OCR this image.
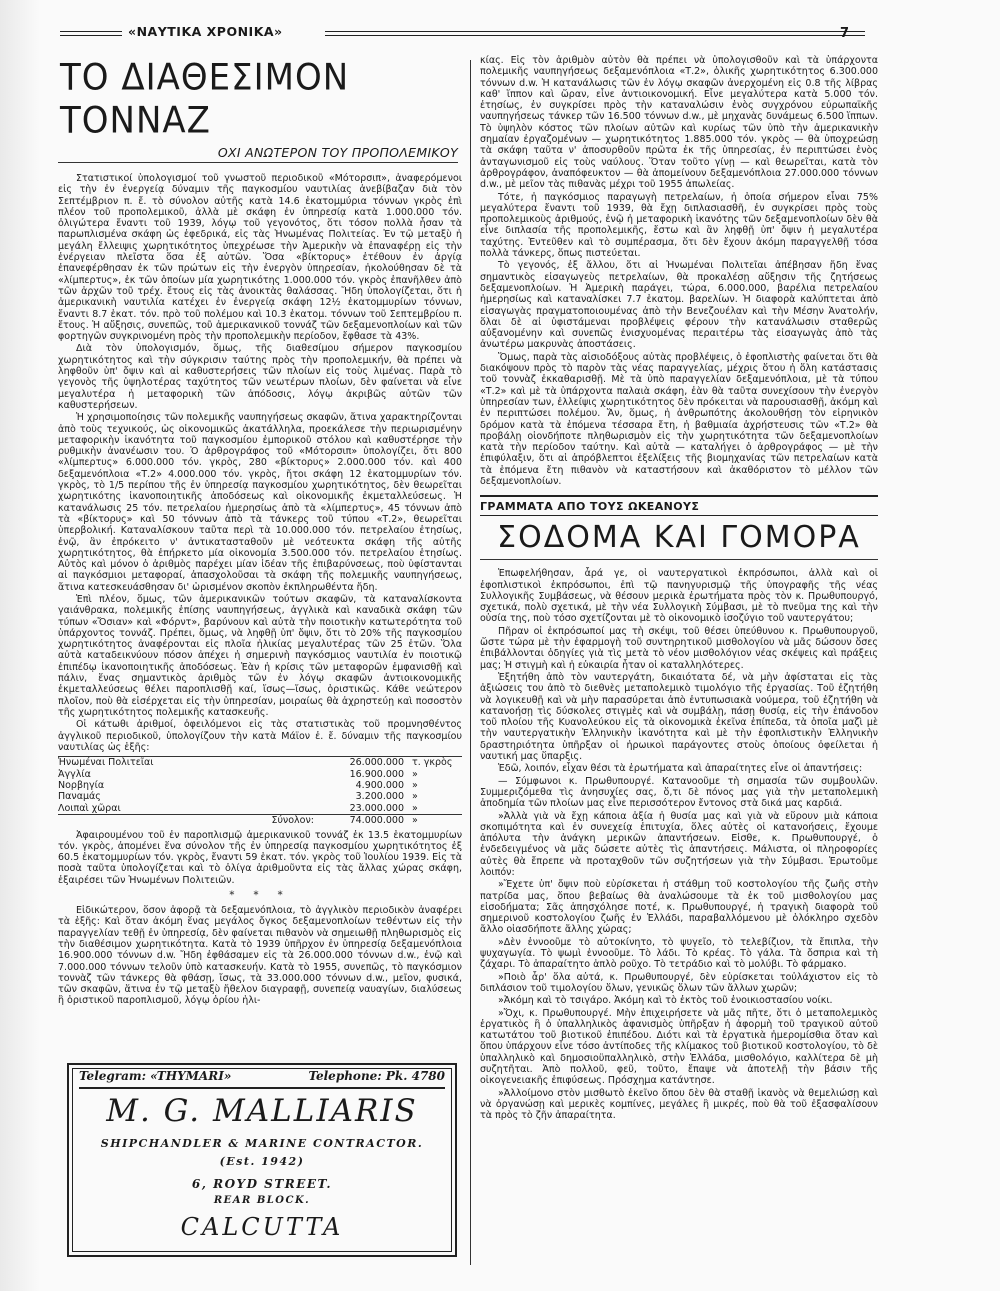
«ΝΑΥΤΙΚΑ ΧΡΟΝΙΚΑ»	7
ΤΟ ΔΙΑΘΕΣΙΜΟΝ ΤΟΝΝΑΖ
ΟΧΙ ΑΝΩΤΕΡΟΝ ΤΟΥ ΠΡΟΠΟΛΕΜΙΚΟΥ

Στατιστικοί ὑπολογισμοί τοῦ γνωστοῦ περιοδικοῦ «Μότορσιπ», ἀναφερόμενοι εἰς τὴν ἐν ἐνεργείᾳ δύναμιν τῆς παγκοσμίου ναυτιλίας ἀνεβίβαζαν διὰ τὸν Σεπτέμβριον π. ἔ. τὸ σύνολον αὐτῆς κατὰ 14.6 ἑκατομμύρια τόννων γκρὸς ἐπὶ πλέον τοῦ προπολεμικοῦ, ἀλλὰ μὲ σκάφη ἐν ὑπηρεσίᾳ κατὰ 1.000.000 τόν. ὀλιγώτερα ἔναντι τοῦ 1939, λόγῳ τοῦ γεγονότος, ὅτι τόσον πολλὰ ἦσαν τὰ παρωπλισμένα σκάφη ὡς ἐφεδρικά, εἰς τὰς Ἡνωμένας Πολιτείας. Ἐν τῷ μεταξὺ ἡ μεγάλη ἔλλειψις χωρητικότητος ὑπεχρέωσε τὴν Ἀμερικὴν νὰ ἐπαναφέρῃ εἰς τὴν ἐνέργειαν πλεῖστα ὅσα ἐξ αὐτῶν. Ὅσα «βίκτορυς» ἐτέθουν ἐν ἀργίᾳ ἐπανεφέρθησαν ἐκ τῶν πρώτων εἰς τὴν ἐνεργὸν ὑπηρεσίαν, ἠκολούθησαν δὲ τὰ «λίμπερτυς», ἐκ τῶν ὁποίων μία χωρητικότης 1.000.000 τόν. γκρὸς ἐπανῆλθεν ἀπὸ τῶν ἀρχῶν τοῦ τρέχ. ἔτους εἰς τὰς ἀνοικτὰς θαλάσσας. Ἤδη ὑπολογίζεται, ὅτι ἡ ἀμερικανικὴ ναυτιλία κατέχει ἐν ἐνεργείᾳ σκάφη 12½ ἑκατομμυρίων τόννων, ἔναντι 8.7 ἑκατ. τόν. πρὸ τοῦ πολέμου καὶ 10.3 ἑκατομ. τόννων τοῦ Σεπτεμβρίου π. ἔτους. Ἡ αὔξησις, συνεπῶς, τοῦ ἀμερικανικοῦ τοννάζ τῶν δεξαμενοπλοίων καὶ τῶν φορτηγῶν συγκρινομένη πρὸς τὴν προπολεμικὴν περίοδον, ἔφθασε τὰ 43%.

Διὰ τὸν ὑπολογισμόν, ὅμως, τῆς διαθεσίμου σήμερον παγκοσμίου χωρητικότητος καὶ τὴν σύγκρισιν ταύτης πρὸς τὴν προπολεμικήν, θὰ πρέπει νὰ ληφθοῦν ὑπ' ὄψιν καὶ αἱ καθυστερήσεις τῶν πλοίων εἰς τοὺς λιμένας. Παρὰ τὸ γεγονὸς τῆς ὑψηλοτέρας ταχύτητος τῶν νεωτέρων πλοίων, δὲν φαίνεται νὰ εἶνε μεγαλυτέρα ἡ μεταφορικὴ τῶν ἀπόδοσις, λόγῳ ἀκριβῶς αὐτῶν τῶν καθυστερήσεων.

Ἡ χρησιμοποίησις τῶν πολεμικῆς ναυπηγήσεως σκαφῶν, ἄτινα χαρακτηρίζονται ἀπὸ τοὺς τεχνικούς, ὡς οἰκονομικῶς ἀκατάλληλα, προεκάλεσε τὴν περιωρισμένην μεταφορικὴν ἱκανότητα τοῦ παγκοσμίου ἐμπορικοῦ στόλου καὶ καθυστέρησε τὴν ρυθμικὴν ἀνανέωσιν του. Ὁ ἀρθρογράφος τοῦ «Μότορσιπ» ὑπολογίζει, ὅτι 800 «λίμπερτυς» 6.000.000 τόν. γκρὸς, 280 «βίκτορυς» 2.000.000 τόν. καὶ 400 δεξαμενόπλοια «Τ.2» 4.000.000 τόν. γκρὸς, ἤτοι σκάφη 12 ἑκατομμυρίων τόν. γκρὸς, τὸ 1/5 περίπου τῆς ἐν ὑπηρεσίᾳ παγκοσμίου χωρητικότητος, δὲν θεωρεῖται χωρητικότης ἱκανοποιητικῆς ἀποδόσεως καὶ οἰκονομικῆς ἐκμεταλλεύσεως. Ἡ κατανάλωσις 25 τόν. πετρελαίου ἡμερησίως ἀπὸ τὰ «λίμπερτυς», 45 τόννων ἀπὸ τὰ «βίκτορυς» καὶ 50 τόννων ἀπὸ τὰ τάνκερς τοῦ τύπου «Τ.2», θεωρεῖται ὑπερβολική. Καταναλίσκουν ταῦτα περὶ τὰ 10.000.000 τόν. πετρελαίου ἐτησίως, ἐνῷ, ἂν ἐπρόκειτο ν' ἀντικατασταθοῦν μὲ νεότευκτα σκάφη τῆς αὐτῆς χωρητικότητος, θὰ ἐπήρκετο μία οἰκονομία 3.500.000 τόν. πετρελαίου ἐτησίως. Αὐτὸς καὶ μόνον ὁ ἀριθμὸς παρέχει μίαν ἰδέαν τῆς ἐπιβαρύνσεως, ποὺ ὑφίστανται αἱ παγκόσμιοι μεταφοραί, ἀπασχολοῦσαι τὰ σκάφη τῆς πολεμικῆς ναυπηγήσεως, ἄτινα κατεσκευάσθησαν δι' ὡρισμένον σκοπὸν ἐκπληρωθέντα ἤδη.

Ἐπὶ πλέον, ὅμως, τῶν ἀμερικανικῶν τούτων σκαφῶν, τὰ καταναλίσκοντα γαιάνθρακα, πολεμικῆς ἐπίσης ναυπηγήσεως, ἀγγλικὰ καὶ καναδικὰ σκάφη τῶν τύπων «Ὄσιαν» καὶ «Φόρντ», βαρύνουν καὶ αὐτὰ τὴν ποιοτικὴν κατωτερότητα τοῦ ὑπάρχοντος τοννάζ. Πρέπει, ὅμως, νὰ ληφθῇ ὑπ' ὄψιν, ὅτι τὸ 20% τῆς παγκοσμίου χωρητικότητος ἀναφέρονται εἰς πλοῖα ἡλικίας μεγαλυτέρας τῶν 25 ἐτῶν. Ὅλα αὐτὰ καταδεικνύουν πόσον ἀπέχει ἡ σημερινὴ παγκόσμιος ναυτιλία ἐν ποιοτικῷ ἐπιπέδῳ ἱκανοποιητικῆς ἀποδόσεως. Ἐὰν ἡ κρίσις τῶν μεταφορῶν ἐμφανισθῇ καὶ πάλιν, ἕνας σημαντικὸς ἀριθμὸς τῶν ἐν λόγῳ σκαφῶν ἀντιοικονομικῆς ἐκμεταλλεύσεως θέλει παροπλισθῇ καί, ἴσως—ἴσως, ὁριστικῶς. Κάθε νεώτερον πλοῖον, ποὺ θὰ εἰσέρχεται εἰς τὴν ὑπηρεσίαν, μοιραίως θὰ ἀχρηστεύῃ καὶ ποσοστὸν τῆς χωρητικότητος πολεμικῆς κατασκευῆς.

Οἱ κάτωθι ἀριθμοί, ὀφειλόμενοι εἰς τὰς στατιστικὰς τοῦ προμνησθέντος ἀγγλικοῦ περιοδικοῦ, ὑπολογίζουν τὴν κατὰ Μάϊον ἐ. ἔ. δύναμιν τῆς παγκοσμίου ναυτιλίας ὡς ἑξῆς:

Ἡνωμέναι Πολιτεῖαι	26.000.000	τ. γκρὸς
Ἀγγλία	16.900.000	»
Νορβηγία	4.900.000	»
Παναμάς	3.200.000	»
Λοιπαὶ χῶραι	23.000.000	»
Σύνολον:	74.000.000	»

Ἀφαιρουμένου τοῦ ἐν παροπλισμῷ ἀμερικανικοῦ τοννάζ ἐκ 13.5 ἑκατομμυρίων τόν. γκρὸς, ἀπομένει ἕνα σύνολον τῆς ἐν ὑπηρεσίᾳ παγκοσμίου χωρητικότητος ἐξ 60.5 ἑκατομμυρίων τόν. γκρὸς, ἔναντι 59 ἑκατ. τόν. γκρὸς τοῦ Ἰουλίου 1939. Εἰς τὰ ποσὰ ταῦτα ὑπολογίζεται καὶ τὸ ὀλίγα ἀριθμοῦντα εἰς τὰς ἄλλας χώρας σκάφη, ἐξαιρέσει τῶν Ἡνωμένων Πολιτειῶν.

* * *

Εἰδικώτερον, ὅσον ἀφορᾷ τὰ δεξαμενόπλοια, τὸ ἀγγλικὸν περιοδικὸν ἀναφέρει τὰ ἑξῆς: Καὶ ὅταν ἀκόμη ἕνας μεγάλος ὄγκος δεξαμενοπλοίων τεθέντων εἰς τὴν παραγγελίαν τεθῇ ἐν ὑπηρεσίᾳ, δὲν φαίνεται πιθανὸν νὰ σημειωθῇ πληθωρισμὸς εἰς τὴν διαθέσιμον χωρητικότητα. Κατὰ τὸ 1939 ὑπῆρχον ἐν ὑπηρεσίᾳ δεξαμενόπλοια 16.900.000 τόννων d.w. Ἤδη ἐφθάσαμεν εἰς τὰ 26.000.000 τόννων d.w., ἐνῷ καὶ 7.000.000 τόννων τελοῦν ὑπὸ κατασκευήν. Κατὰ τὸ 1955, συνεπῶς, τὸ παγκόσμιον τοννὰζ τῶν τάνκερς θὰ φθάσῃ, ἴσως, τὰ 33.000.000 τόννων d.w., μεῖον, φυσικά, τῶν σκαφῶν, ἅτινα ἐν τῷ μεταξὺ ἤθελον διαγραφῇ, συνεπείᾳ ναυαγίων, διαλύσεως ἢ ὁριστικοῦ παροπλισμοῦ, λόγῳ ὁρίου ἡλι-

Telegram: «THYMARI»	Telephone: Pk. 4780
M. G. MALLIARIS
SHIPCHANDLER & MARINE CONTRACTOR.
(Est. 1942)
6, ROYD STREET.
REAR BLOCK.
CALCUTTA

κίας. Εἰς τὸν ἀριθμὸν αὐτὸν θὰ πρέπει νὰ ὑπολογισθοῦν καὶ τὰ ὑπάρχοντα πολεμικῆς ναυπηγήσεως δεξαμενόπλοια «Τ.2», ὁλικῆς χωρητικότητος 6.300.000 τόννων d.w. Ἡ κατανάλωσις τῶν ἐν λόγῳ σκαφῶν ἀνερχομένη εἰς 0.8 τῆς λίβρας καθ' ἵππον καὶ ὥραν, εἶνε ἀντιοικονομική. Εἶνε μεγαλύτερα κατὰ 5.000 τόν. ἐτησίως, ἐν συγκρίσει πρὸς τὴν καταναλώσιν ἑνὸς συγχρόνου εὐρωπαϊκῆς ναυπηγήσεως τάνκερ τῶν 16.500 τόννων d.w., μὲ μηχανὰς δυνάμεως 6.500 ἵππων. Τὸ ὑψηλὸν κόστος τῶν πλοίων αὐτῶν καὶ κυρίως τῶν ὑπὸ τὴν ἀμερικανικὴν σημαίαν ἐργαζομένων — χωρητικότητος 1.885.000 τόν. γκρὸς — θὰ ὑποχρεώσῃ τὰ σκάφη ταῦτα ν' ἀποσυρθοῦν πρῶτα ἐκ τῆς ὑπηρεσίας, ἐν περιπτώσει ἑνὸς ἀνταγωνισμοῦ εἰς τοὺς ναύλους. Ὅταν τοῦτο γίνῃ — καὶ θεωρεῖται, κατὰ τὸν ἀρθρογράφον, ἀναπόφευκτον — θὰ ἀπομείνουν δεξαμενόπλοια 27.000.000 τόννων d.w., μὲ μεῖον τὰς πιθανὰς μέχρι τοῦ 1955 ἀπωλείας.

Τότε, ἡ παγκόσμιος παραγωγὴ πετρελαίων, ἡ ὁποία σήμερον εἶναι 75% μεγαλύτερα ἔναντι τοῦ 1939, θὰ ἔχῃ διπλασιασθῆ, ἐν συγκρίσει πρὸς τοὺς προπολεμικοὺς ἀριθμούς, ἐνῷ ἡ μεταφορικὴ ἱκανότης τῶν δεξαμενοπλοίων δὲν θὰ εἶνε διπλασία τῆς προπολεμικῆς, ἔστω καὶ ἂν ληφθῇ ὑπ' ὄψιν ἡ μεγαλυτέρα ταχύτης. Ἐντεῦθεν καὶ τὸ συμπέρασμα, ὅτι δὲν ἔχουν ἀκόμη παραγγελθῇ τόσα πολλὰ τάνκερς, ὅπως πιστεύεται.

Τὸ γεγονός, ἐξ ἄλλου, ὅτι αἱ Ἡνωμέναι Πολιτεῖαι ἀπέβησαν ἤδη ἕνας σημαντικὸς εἰσαγωγεὺς πετρελαίων, θὰ προκαλέσῃ αὔξησιν τῆς ζητήσεως δεξαμενοπλοίων. Ἡ Ἀμερικὴ παράγει, τώρα, 6.000.000, βαρέλια πετρελαίου ἡμερησίως καὶ καταναλίσκει 7.7 ἑκατομ. βαρελίων. Ἡ διαφορὰ καλύπτεται ἀπὸ εἰσαγωγὰς πραγματοποιουμένας ἀπὸ τὴν Βενεζουέλαν καὶ τὴν Μέσην Ἀνατολήν, ὅλαι δὲ αἱ ὑφιστάμεναι προβλέψεις φέρουν τὴν κατανάλωσιν σταθερῶς αὐξανομένην καὶ συνεπῶς ἐνισχυομένας περαιτέρω τὰς εἰσαγωγὰς ἀπὸ τὰς ἀνωτέρω μακρυνὰς ἀποστάσεις.

Ὅμως, παρὰ τὰς αἰσιοδόξους αὐτὰς προβλέψεις, ὁ ἐφοπλιστὴς φαίνεται ὅτι θὰ διακόψουν πρὸς τὸ παρὸν τὰς νέας παραγγελίας, μέχρις ὅτου ἡ ὅλη κατάστασις τοῦ τοννὰζ ἐκκαθαρισθῇ. Μὲ τὰ ὑπὸ παραγγελίαν δεξαμενόπλοια, μὲ τὰ τύπου «Τ.2» καὶ μὲ τὰ ὑπάρχοντα παλαιὰ σκάφη, ἐὰν θὰ ταῦτα συνεχίσουν τὴν ἐνεργὸν ὑπηρεσίαν των, ἐλλείψις χωρητικότητος δὲν πρόκειται νὰ παρουσιασθῇ, ἀκόμη καὶ ἐν περιπτώσει πολέμου. Ἄν, ὅμως, ἡ ἀνθρωπότης ἀκολουθήσῃ τὸν εἰρηνικὸν δρόμον κατὰ τὰ ἑπόμενα τέσσαρα ἔτη, ἡ βαθμιαία ἀχρήστευσις τῶν «Τ.2» θὰ προβάλῃ οἰονδήποτε πληθωρισμὸν εἰς τὴν χωρητικότητα τῶν δεξαμενοπλοίων κατὰ τὴν περίοδον ταύτην. Καὶ αὐτὰ — καταλήγει ὁ ἀρθρογράφος — μὲ τὴν ἐπιφύλαξιν, ὅτι αἱ ἀπρόβλεπτοι ἐξελίξεις τῆς βιομηχανίας τῶν πετρελαίων κατὰ τὰ ἑπόμενα ἔτη πιθανὸν νὰ καταστήσουν καὶ ἀκαθόριστον τὸ μέλλον τῶν δεξαμενοπλοίων.

ΓΡΑΜΜΑΤΑ ΑΠΟ ΤΟΥΣ ΩΚΕΑΝΟΥΣ
ΣΟΔΟΜΑ ΚΑΙ ΓΟΜΟΡΑ

Ἐπωφελήθησαν, ἆρά γε, οἱ ναυτεργατικοὶ ἐκπρόσωποι, ἀλλὰ καὶ οἱ ἐφοπλιστικοὶ ἐκπρόσωποι, ἐπὶ τῷ πανηγυρισμῷ τῆς ὑπογραφῆς τῆς νέας Συλλογικῆς Συμβάσεως, νὰ θέσουν μερικὰ ἐρωτήματα πρὸς τὸν κ. Πρωθυπουργό, σχετικά, πολὺ σχετικά, μὲ τὴν νέα Συλλογικὴ Σύμβασι, μὲ τὸ πνεῦμα της καὶ τὴν οὐσία της, ποὺ τόσο σχετίζονται μὲ τὸ οἰκονομικὸ ἰσοζύγιο τοῦ ναυτεργάτου;

Πῆραν οἱ ἐκπρόσωποί μας τὴ σκέψι, τοῦ θέσει ὑπεύθυνου κ. Πρωθυπουργοῦ, ὥστε τώρα μὲ τὴν ἐφαρμογὴ τοῦ συντηρητικοῦ μισθολογίου νὰ μᾶς δώσουν ὅσες ἐπιβάλλονται ὁδηγίες γιὰ τὶς μετὰ τὸ νέον μισθολόγιον νέας σκέψεις καὶ πράξεις μας; Ἡ στιγμὴ καὶ ἡ εὐκαιρία ἦταν οἱ καταλληλότερες.

Ἐξητήθη ἀπὸ τὸν ναυτεργάτη, δικαιότατα δέ, νὰ μὴν ἀφίσταται εἰς τὰς ἀξιώσεις του ἀπὸ τὸ διεθνὲς μεταπολεμικὸ τιμολόγιο τῆς ἐργασίας. Τοῦ ἐζητήθη νὰ λογικευθῇ καὶ νὰ μὴν παρασύρεται ἀπὸ ἐντυπωσιακὰ νούμερα, τοῦ ἐζητήθη νὰ κατανοήσῃ τὶς δύσκολες στιγμὲς καὶ νὰ συμβάλῃ, πάσῃ θυσίᾳ, εἰς τὴν ἐπάνοδον τοῦ πλοίου τῆς Κυανολεύκου εἰς τὰ οἰκονομικὰ ἐκεῖνα ἐπίπεδα, τὰ ὁποῖα μαζὶ μὲ τὴν ναυτεργατικὴν Ἑλληνικὴν ἱκανότητα καὶ μὲ τὴν ἐφοπλιστικὴν Ἑλληνικὴν δραστηριότητα ὑπῆρξαν οἱ ἡρωικοὶ παράγοντες στοὺς ὁποίους ὀφείλεται ἡ ναυτική μας ὕπαρξις.

Ἐδῶ, λοιπόν, εἶχαν θέσι τὰ ἐρωτήματα καὶ ἀπαραίτητες εἶνε οἱ ἀπαντήσεις:

— Σύμφωνοι κ. Πρωθυπουργέ. Κατανοοῦμε τὴ σημασία τῶν συμβουλῶν. Συμμεριζόμεθα τὶς ἀνησυχίες σας, ὅ,τι δὲ πόνος μας γιὰ τὴν μεταπολεμικὴ ἀποδημία τῶν πλοίων μας εἶνε περισσότερον ἔντονος στὰ δικά μας καρδιά.

»Ἀλλὰ γιὰ νὰ ἔχῃ κάποια ἀξία ἡ θυσία μας καὶ γιὰ νὰ εὕρουν μιὰ κάποια σκοπιμότητα καὶ ἐν συνεχείᾳ ἐπιτυχία, ὅλες αὐτὲς οἱ κατανοήσεις, ἔχουμε ἀπόλυτα τὴν ἀνάγκη μερικῶν ἀπαντήσεων. Εἰσθε, κ. Πρωθυπουργέ, ὁ ἐνδεδειγμένος νὰ μᾶς δώσετε αὐτὲς τὶς ἀπαντήσεις. Μάλιστα, οἱ πληροφορίες αὐτὲς θὰ ἔπρεπε νὰ προταχθοῦν τῶν συζητήσεων γιὰ τὴν Σύμβασι. Ἐρωτοῦμε λοιπόν:

»Ἔχετε ὑπ' ὄψιν ποὺ εὑρίσκεται ἡ στάθμη τοῦ κοστολογίου τῆς ζωῆς στὴν πατρίδα μας, ὅπου βεβαίως θὰ ἀναλώσουμε τὰ ἐκ τοῦ μισθολογίου μας εἰσοδήματα; Σᾶς ἀπησχόλησε ποτέ, κ. Πρωθυπουργέ, ἡ τραγικὴ διαφορὰ τοῦ σημερινοῦ κοστολογίου ζωῆς ἐν Ἑλλάδι, παραβαλλόμενου μὲ ὁλόκληρο σχεδὸν ἄλλο οἱασδήποτε ἄλλης χώρας;

»Δὲν ἐννοοῦμε τὸ αὐτοκίνητο, τὸ ψυγεῖο, τὸ τελεβίζιον, τὰ ἔπιπλα, τὴν ψυχαγωγία. Τὸ ψωμὶ ἐννοοῦμε. Τὸ λάδι. Τὸ κρέας. Τὸ γάλα. Τὰ ὄσπρια καὶ τὴ ζάχαρι. Τὸ ἀπαραίτητο ἁπλὸ ροῦχο. Τὸ τετράδιο καὶ τὸ μολύβι. Τὸ φάρμακο.

»Ποιὸ ἆρ' ὅλα αὐτά, κ. Πρωθυπουργέ, δὲν εὑρίσκεται τοὐλάχιστον εἰς τὸ διπλάσιον τοῦ τιμολογίου ὅλων, γενικῶς ὅλων τῶν ἄλλων χωρῶν;

»Ἀκόμη καὶ τὸ τσιγάρο. Ἀκόμη καὶ τὸ ἐκτὸς τοῦ ἐνοικιοστασίου νοίκι.

»Ὄχι, κ. Πρωθυπουργέ. Μὴν ἐπιχειρήσετε νὰ μᾶς πῆτε, ὅτι ὁ μεταπολεμικὸς ἐργατικὸς ἢ ὁ ὑπαλληλικὸς ἀφανισμὸς ὑπῆρξαν ἡ ἀφορμὴ τοῦ τραγικοῦ αὐτοῦ κατωτάτου τοῦ βιοτικοῦ ἐπιπέδου. Διότι καὶ τὰ ἐργατικὰ ἡμερομίσθια ὅταν καὶ ὅπου ὑπάρχουν εἶνε τόσο ἀντίποδες τῆς κλίμακος τοῦ βιοτικοῦ κοστολογίου, τὸ δὲ ὑπαλληλικὸ καὶ δημοσιοϋπαλληλικὸ, στὴν Ἑλλάδα, μισθολόγιο, καλλίτερα δὲ μὴ συζητῆται. Ἀπὸ πολλοῦ, φεῦ, τοῦτο, ἔπαψε νὰ ἀποτελῇ τὴν βάσιν τῆς οἰκογενειακῆς ἐπιφύσεως. Πρόσχημα κατάντησε.

»Ἀλλοίμονο στὸν μισθωτὸ ἐκεῖνο ὅπου δὲν θὰ σταθῇ ἱκανὸς νὰ θεμελιώσῃ καὶ νὰ ὀργανώσῃ καὶ μερικὲς κομπίνες, μεγάλες ἢ μικρές, ποὺ θὰ τοῦ ἐξασφαλίσουν τὰ πρὸς τὸ ζῆν ἀπαραίτητα.
